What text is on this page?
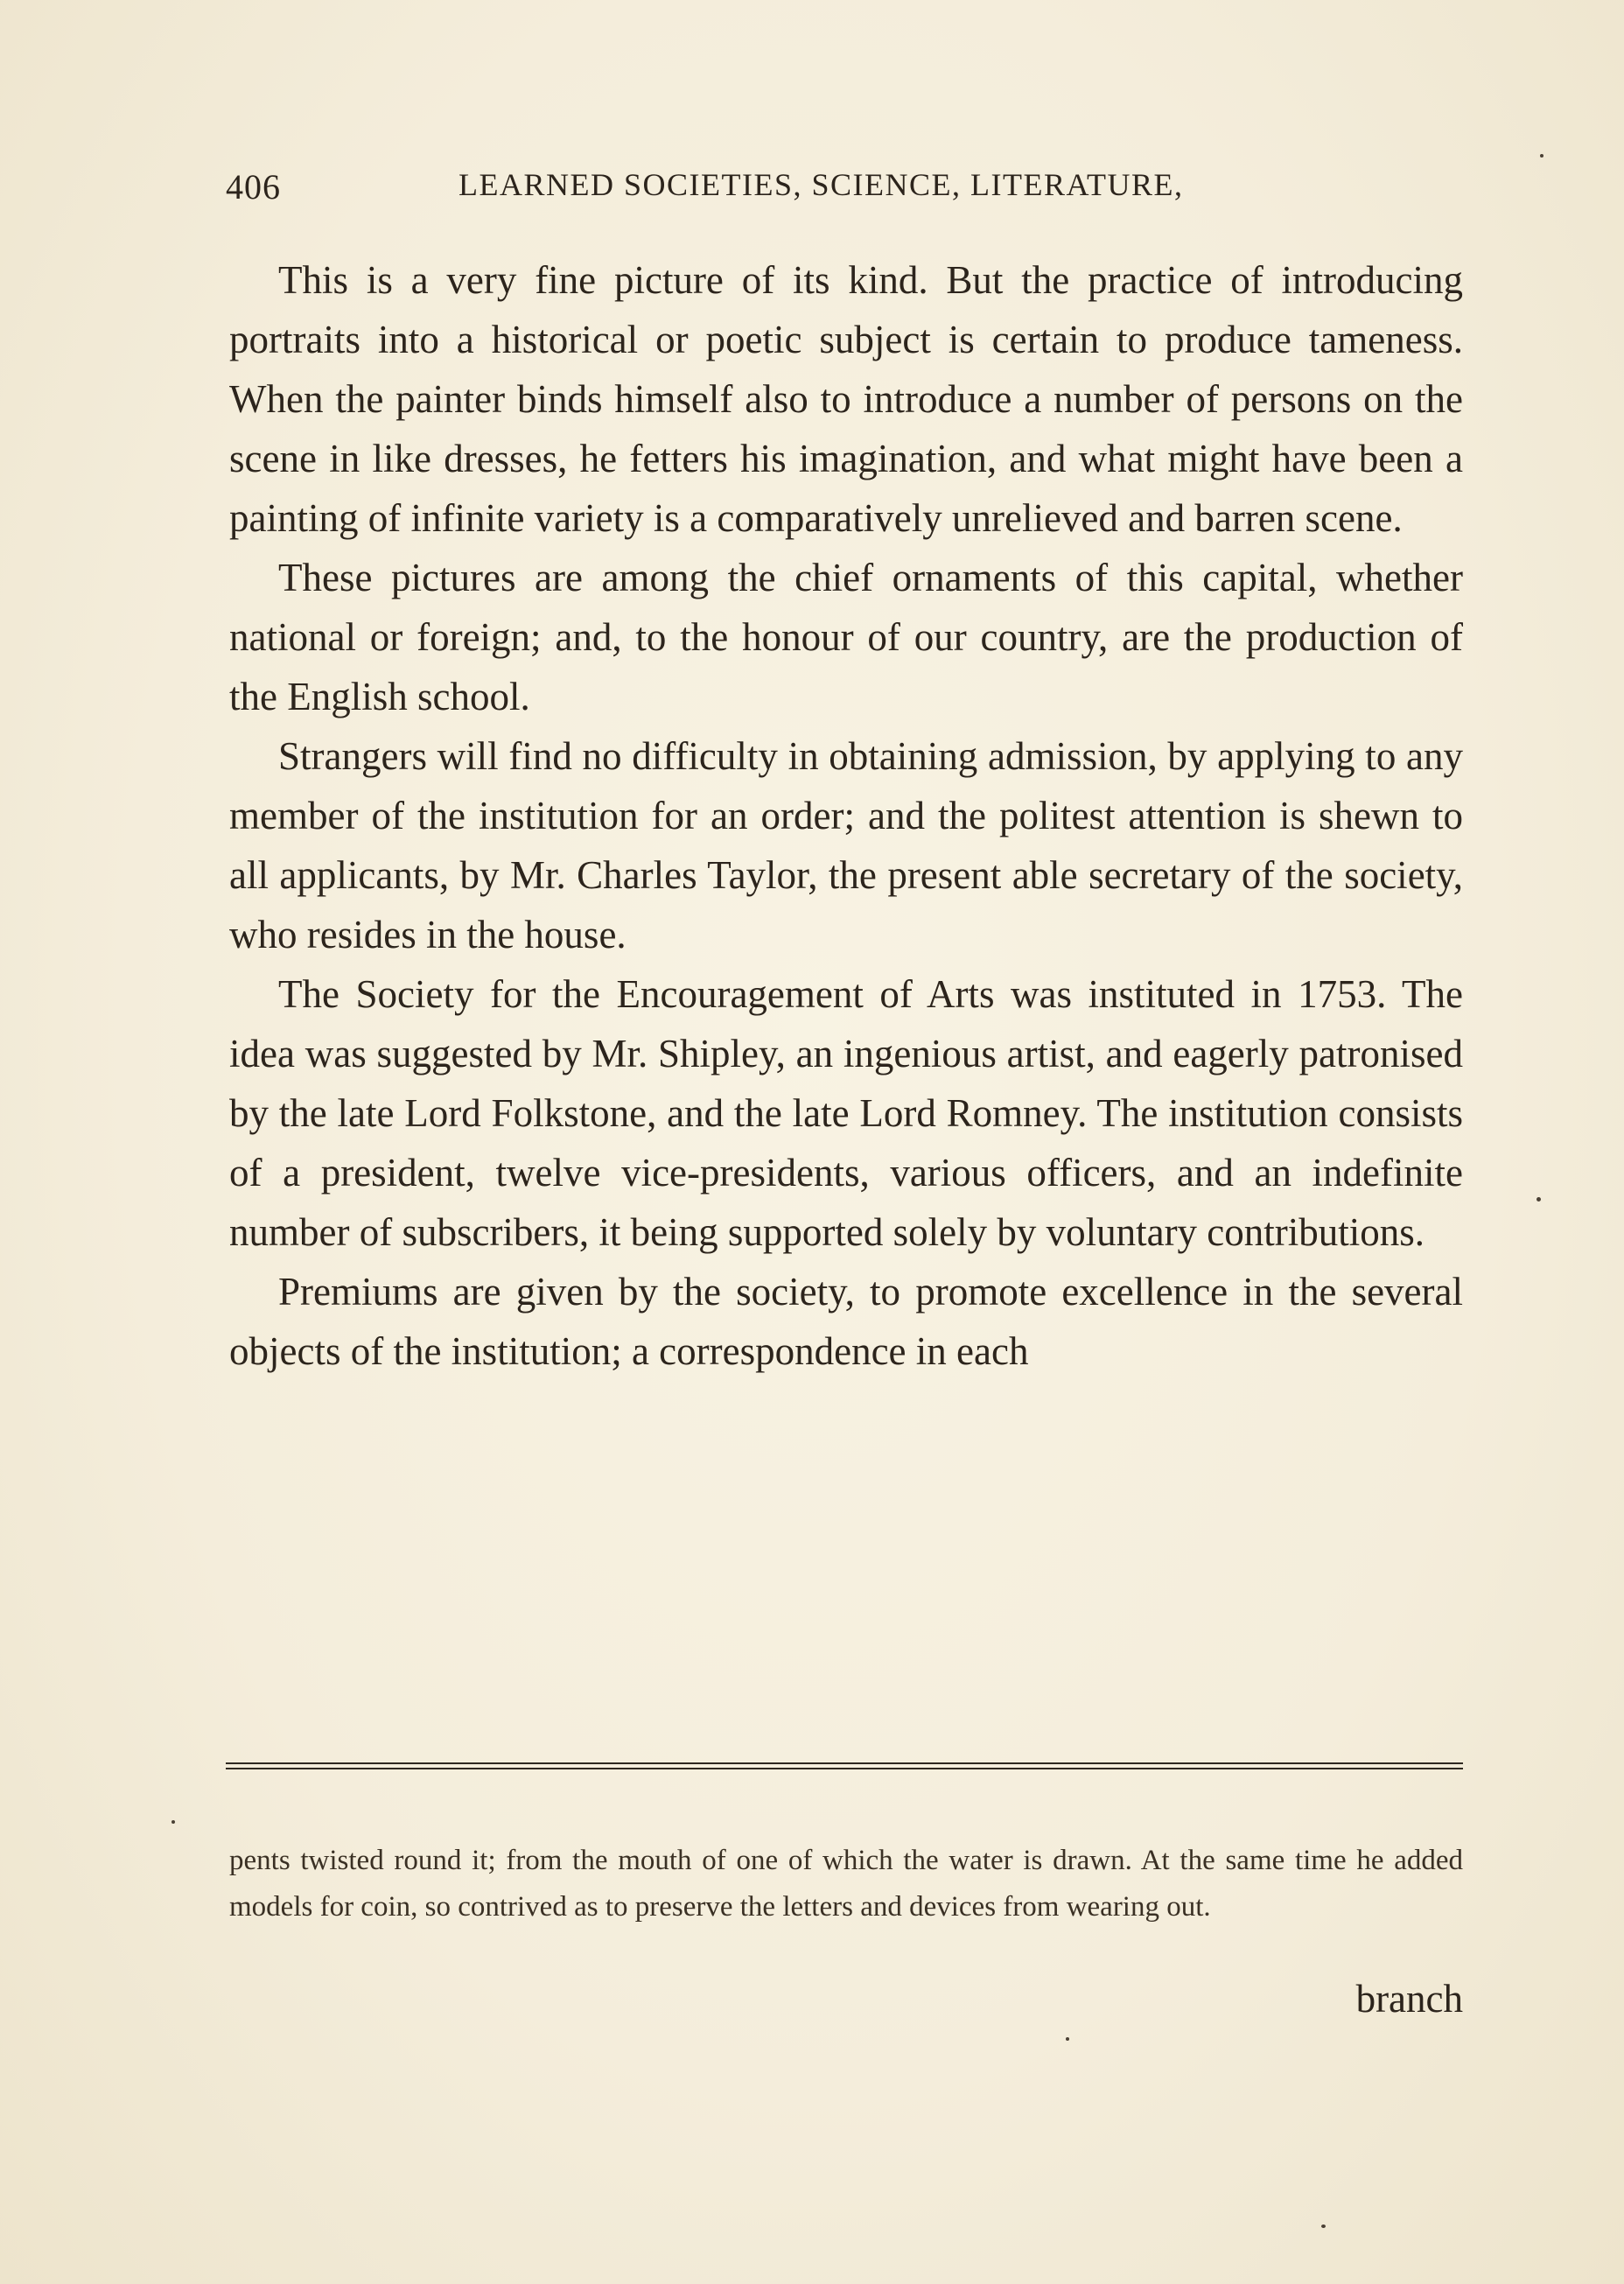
406	LEARNED SOCIETIES, SCIENCE, LITERATURE,

This is a very fine picture of its kind. But the practice of introducing portraits into a historical or poetic subject is certain to produce tameness. When the painter binds himself also to introduce a number of persons on the scene in like dresses, he fetters his imagination, and what might have been a painting of infinite variety is a comparatively unrelieved and barren scene.

These pictures are among the chief ornaments of this capital, whether national or foreign; and, to the honour of our country, are the production of the English school.

Strangers will find no difficulty in obtaining admission, by applying to any member of the institution for an order; and the politest attention is shewn to all applicants, by Mr. Charles Taylor, the present able secretary of the society, who resides in the house.

The Society for the Encouragement of Arts was instituted in 1753. The idea was suggested by Mr. Shipley, an ingenious artist, and eagerly patronised by the late Lord Folkstone, and the late Lord Romney. The institution consists of a president, twelve vice-presidents, various officers, and an indefinite number of subscribers, it being supported solely by voluntary contributions.

Premiums are given by the society, to promote excellence in the several objects of the institution; a correspondence in each

pents twisted round it; from the mouth of one of which the water is drawn. At the same time he added models for coin, so contrived as to preserve the letters and devices from wearing out.

branch
